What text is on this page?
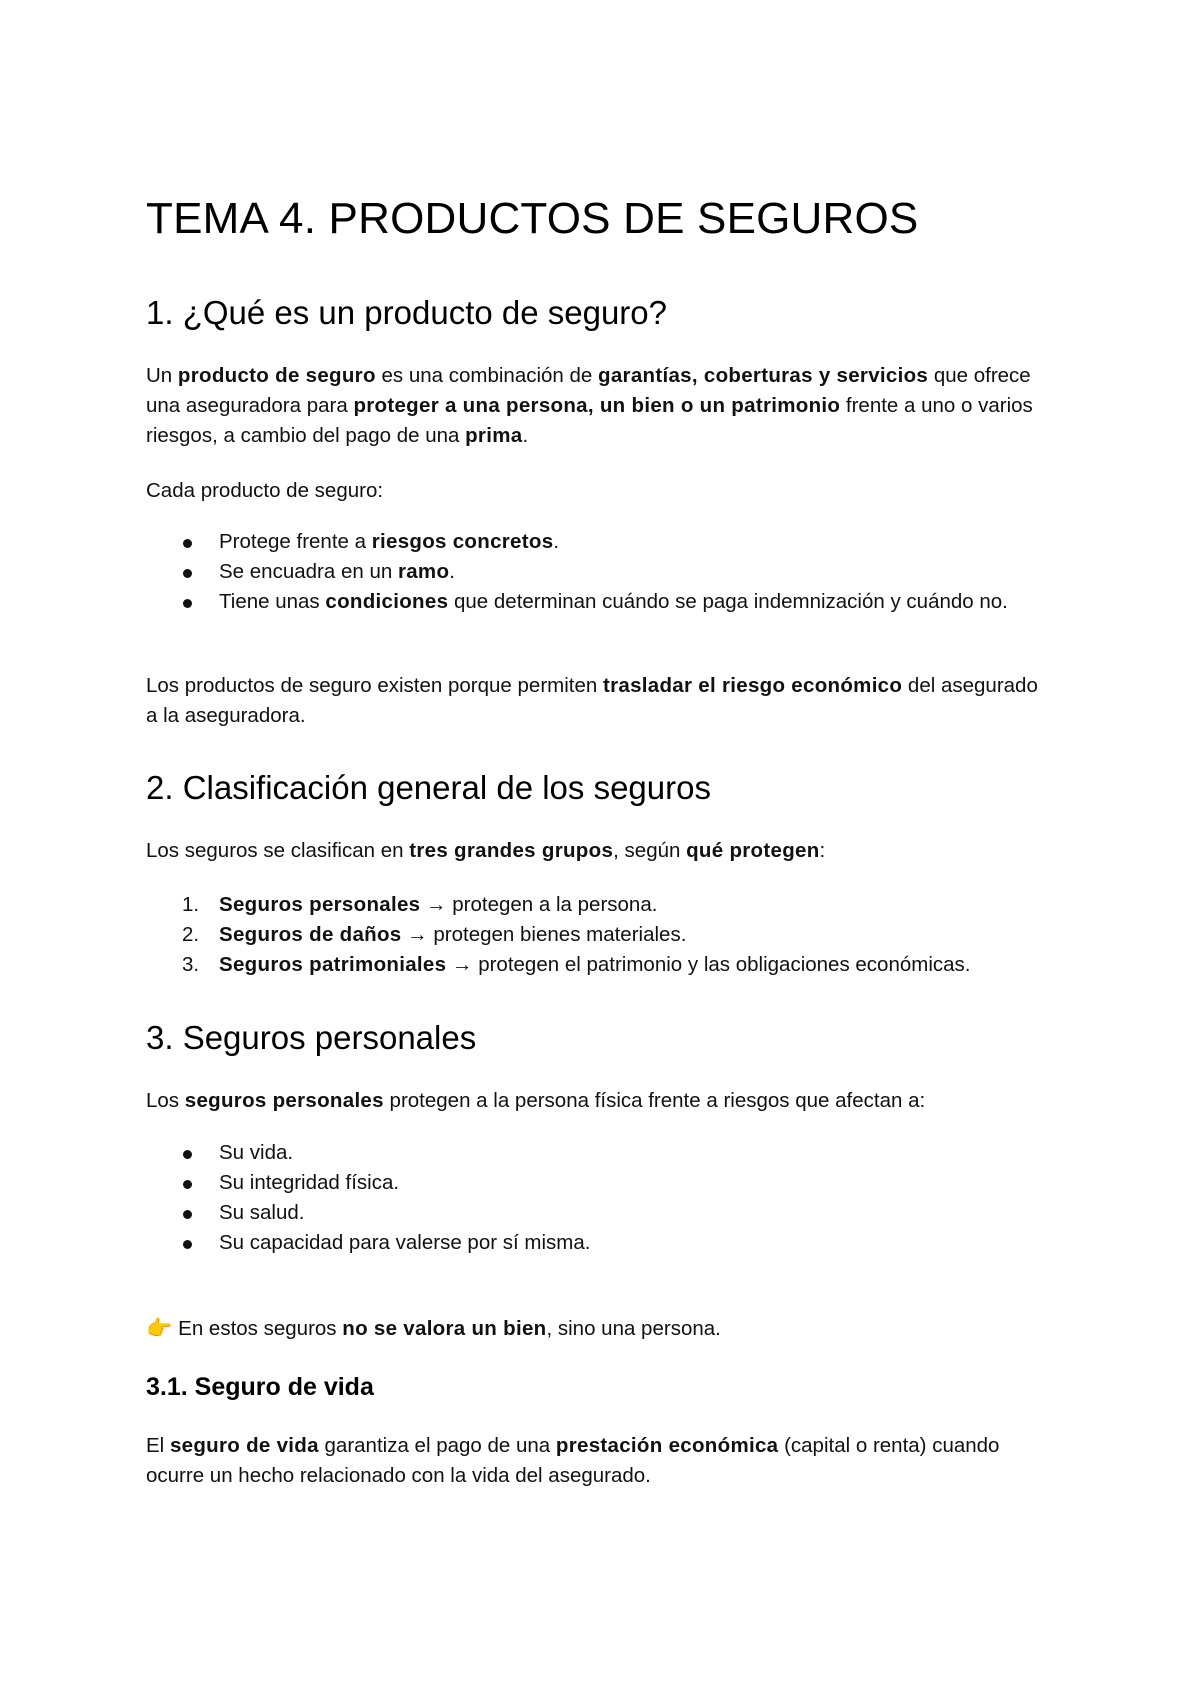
TEMA 4. PRODUCTOS DE SEGUROS
1. ¿Qué es un producto de seguro?

Un producto de seguro es una combinación de garantías, coberturas y servicios que ofrece una aseguradora para proteger a una persona, un bien o un patrimonio frente a uno o varios riesgos, a cambio del pago de una prima.

Cada producto de seguro:

Protege frente a riesgos concretos.
Se encuadra en un ramo.
Tiene unas condiciones que determinan cuándo se paga indemnización y cuándo no.

Los productos de seguro existen porque permiten trasladar el riesgo económico del asegurado a la aseguradora.

2. Clasificación general de los seguros

Los seguros se clasifican en tres grandes grupos, según qué protegen:

1. Seguros personales → protegen a la persona.
2. Seguros de daños → protegen bienes materiales.
3. Seguros patrimoniales → protegen el patrimonio y las obligaciones económicas.
3. Seguros personales

Los seguros personales protegen a la persona física frente a riesgos que afectan a:

Su vida.
Su integridad física.
Su salud.
Su capacidad para valerse por sí misma.

👉 En estos seguros no se valora un bien, sino una persona.

3.1. Seguro de vida

El seguro de vida garantiza el pago de una prestación económica (capital o renta) cuando ocurre un hecho relacionado con la vida del asegurado.
